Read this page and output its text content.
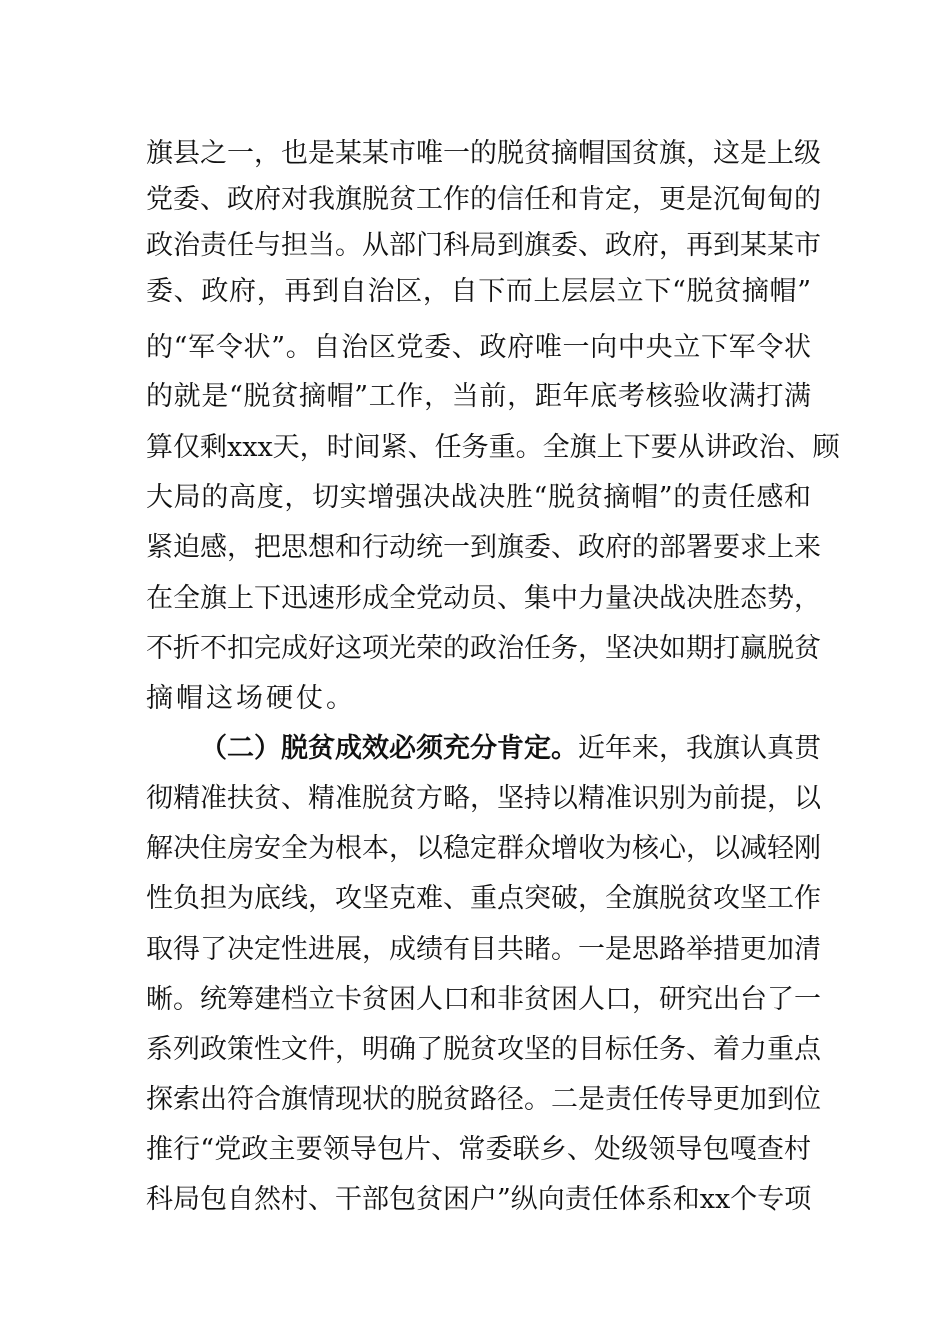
旗县之一，也是某某市唯一的脱贫摘帽国贫旗，这是上级
党委、政府对我旗脱贫工作的信任和肯定，更是沉甸甸的
政治责任与担当。从部门科局到旗委、政府，再到某某市
委、政府，再到自治区，自下而上层层立下“脱贫摘帽”
的“军令状”。自治区党委、政府唯一向中央立下军令状
的就是“脱贫摘帽”工作，当前，距年底考核验收满打满
算仅剩xxx天，时间紧、任务重。全旗上下要从讲政治、顾
大局的高度，切实增强决战决胜“脱贫摘帽”的责任感和
紧迫感，把思想和行动统一到旗委、政府的部署要求上来
在全旗上下迅速形成全党动员、集中力量决战决胜态势，
不折不扣完成好这项光荣的政治任务，坚决如期打赢脱贫
摘帽这场硬仗。
（二）脱贫成效必须充分肯定。近年来，我旗认真贯
彻精准扶贫、精准脱贫方略，坚持以精准识别为前提，以
解决住房安全为根本，以稳定群众增收为核心，以减轻刚
性负担为底线，攻坚克难、重点突破，全旗脱贫攻坚工作
取得了决定性进展，成绩有目共睹。一是思路举措更加清
晰。统筹建档立卡贫困人口和非贫困人口，研究出台了一
系列政策性文件，明确了脱贫攻坚的目标任务、着力重点
探索出符合旗情现状的脱贫路径。二是责任传导更加到位
推行“党政主要领导包片、常委联乡、处级领导包嘎查村
科局包自然村、干部包贫困户”纵向责任体系和xx个专项
